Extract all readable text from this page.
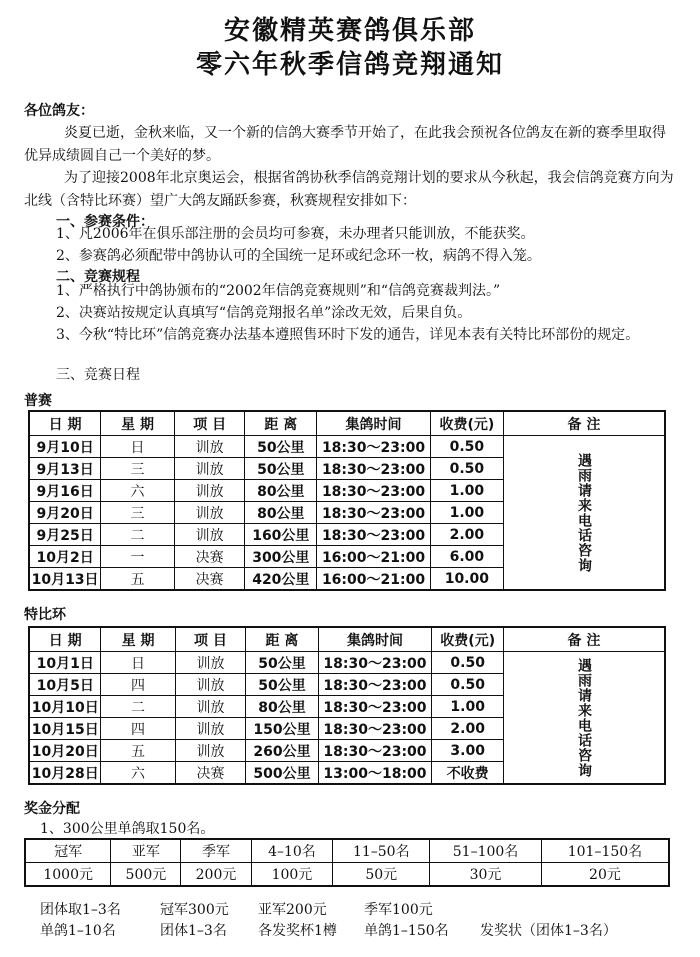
安徽精英赛鸽俱乐部
零六年秋季信鸽竞翔通知
各位鸽友：
炎夏已逝，金秋来临，又一个新的信鸽大赛季节开始了，在此我会预祝各位鸽友在新的赛季里取得优异成绩圆自己一个美好的梦。
为了迎接2008年北京奥运会，根据省鸽协秋季信鸽竞翔计划的要求从今秋起，我会信鸽竞赛方向为北线（含特比环赛）望广大鸽友踊跃参赛，秋赛规程安排如下：
一、参赛条件：
1、凡2006年在俱乐部注册的会员均可参赛，未办理者只能训放，不能获奖。
2、参赛鸽必须配带中鸽协认可的全国统一足环或纪念环一枚，病鸽不得入笼。
二、竞赛规程
1、严格执行中鸽协颁布的“2002年信鸽竞赛规则”和“信鸽竞赛裁判法。”
2、决赛站按规定认真填写“信鸽竞翔报名单”涂改无效，后果自负。
3、今秋“特比环”信鸽竞赛办法基本遵照售环时下发的通告，详见本表有关特比环部份的规定。
三、竞赛日程
普赛
日 期	星 期	项 目	距 离	集鸽时间	收费(元)	备 注
9月10日	日	训放	50公里	18:30～23:00	0.50	遇雨请来电话咨询

9月13日	三	训放	50公里	18:30～23:00	0.50	
9月16日	六	训放	80公里	18:30～23:00	1.00	
9月20日	三	训放	80公里	18:30～23:00	1.00	
9月25日	二	训放	160公里	18:30～23:00	2.00	
10月2日	一	决赛	300公里	16:00～21:00	6.00	
10月13日	五	决赛	420公里	16:00～21:00	10.00	
特比环
日 期	星 期	项 目	距 离	集鸽时间	收费(元)	备 注
10月1日	日	训放	50公里	18:30～23:00	0.50	遇雨请来电话咨询

10月5日	四	训放	50公里	18:30～23:00	0.50	
10月10日	二	训放	80公里	18:30～23:00	1.00	
10月15日	四	训放	150公里	18:30～23:00	2.00	
10月20日	五	训放	260公里	18:30～23:00	3.00	
10月28日	六	决赛	500公里	13:00～18:00	不收费	
奖金分配
1、300公里单鸽取150名。
冠军	亚军	季军	4–10名	11–50名	51–100名	101–150名
1000元	500元	200元	100元	50元	30元	20元
团体取1–3名	冠军300元 亚军200元	季军100元
单鸽1–10名	团体1–3名 各发奖杯1樽 单鸽1–150名 发奖状（团体1–3名）
